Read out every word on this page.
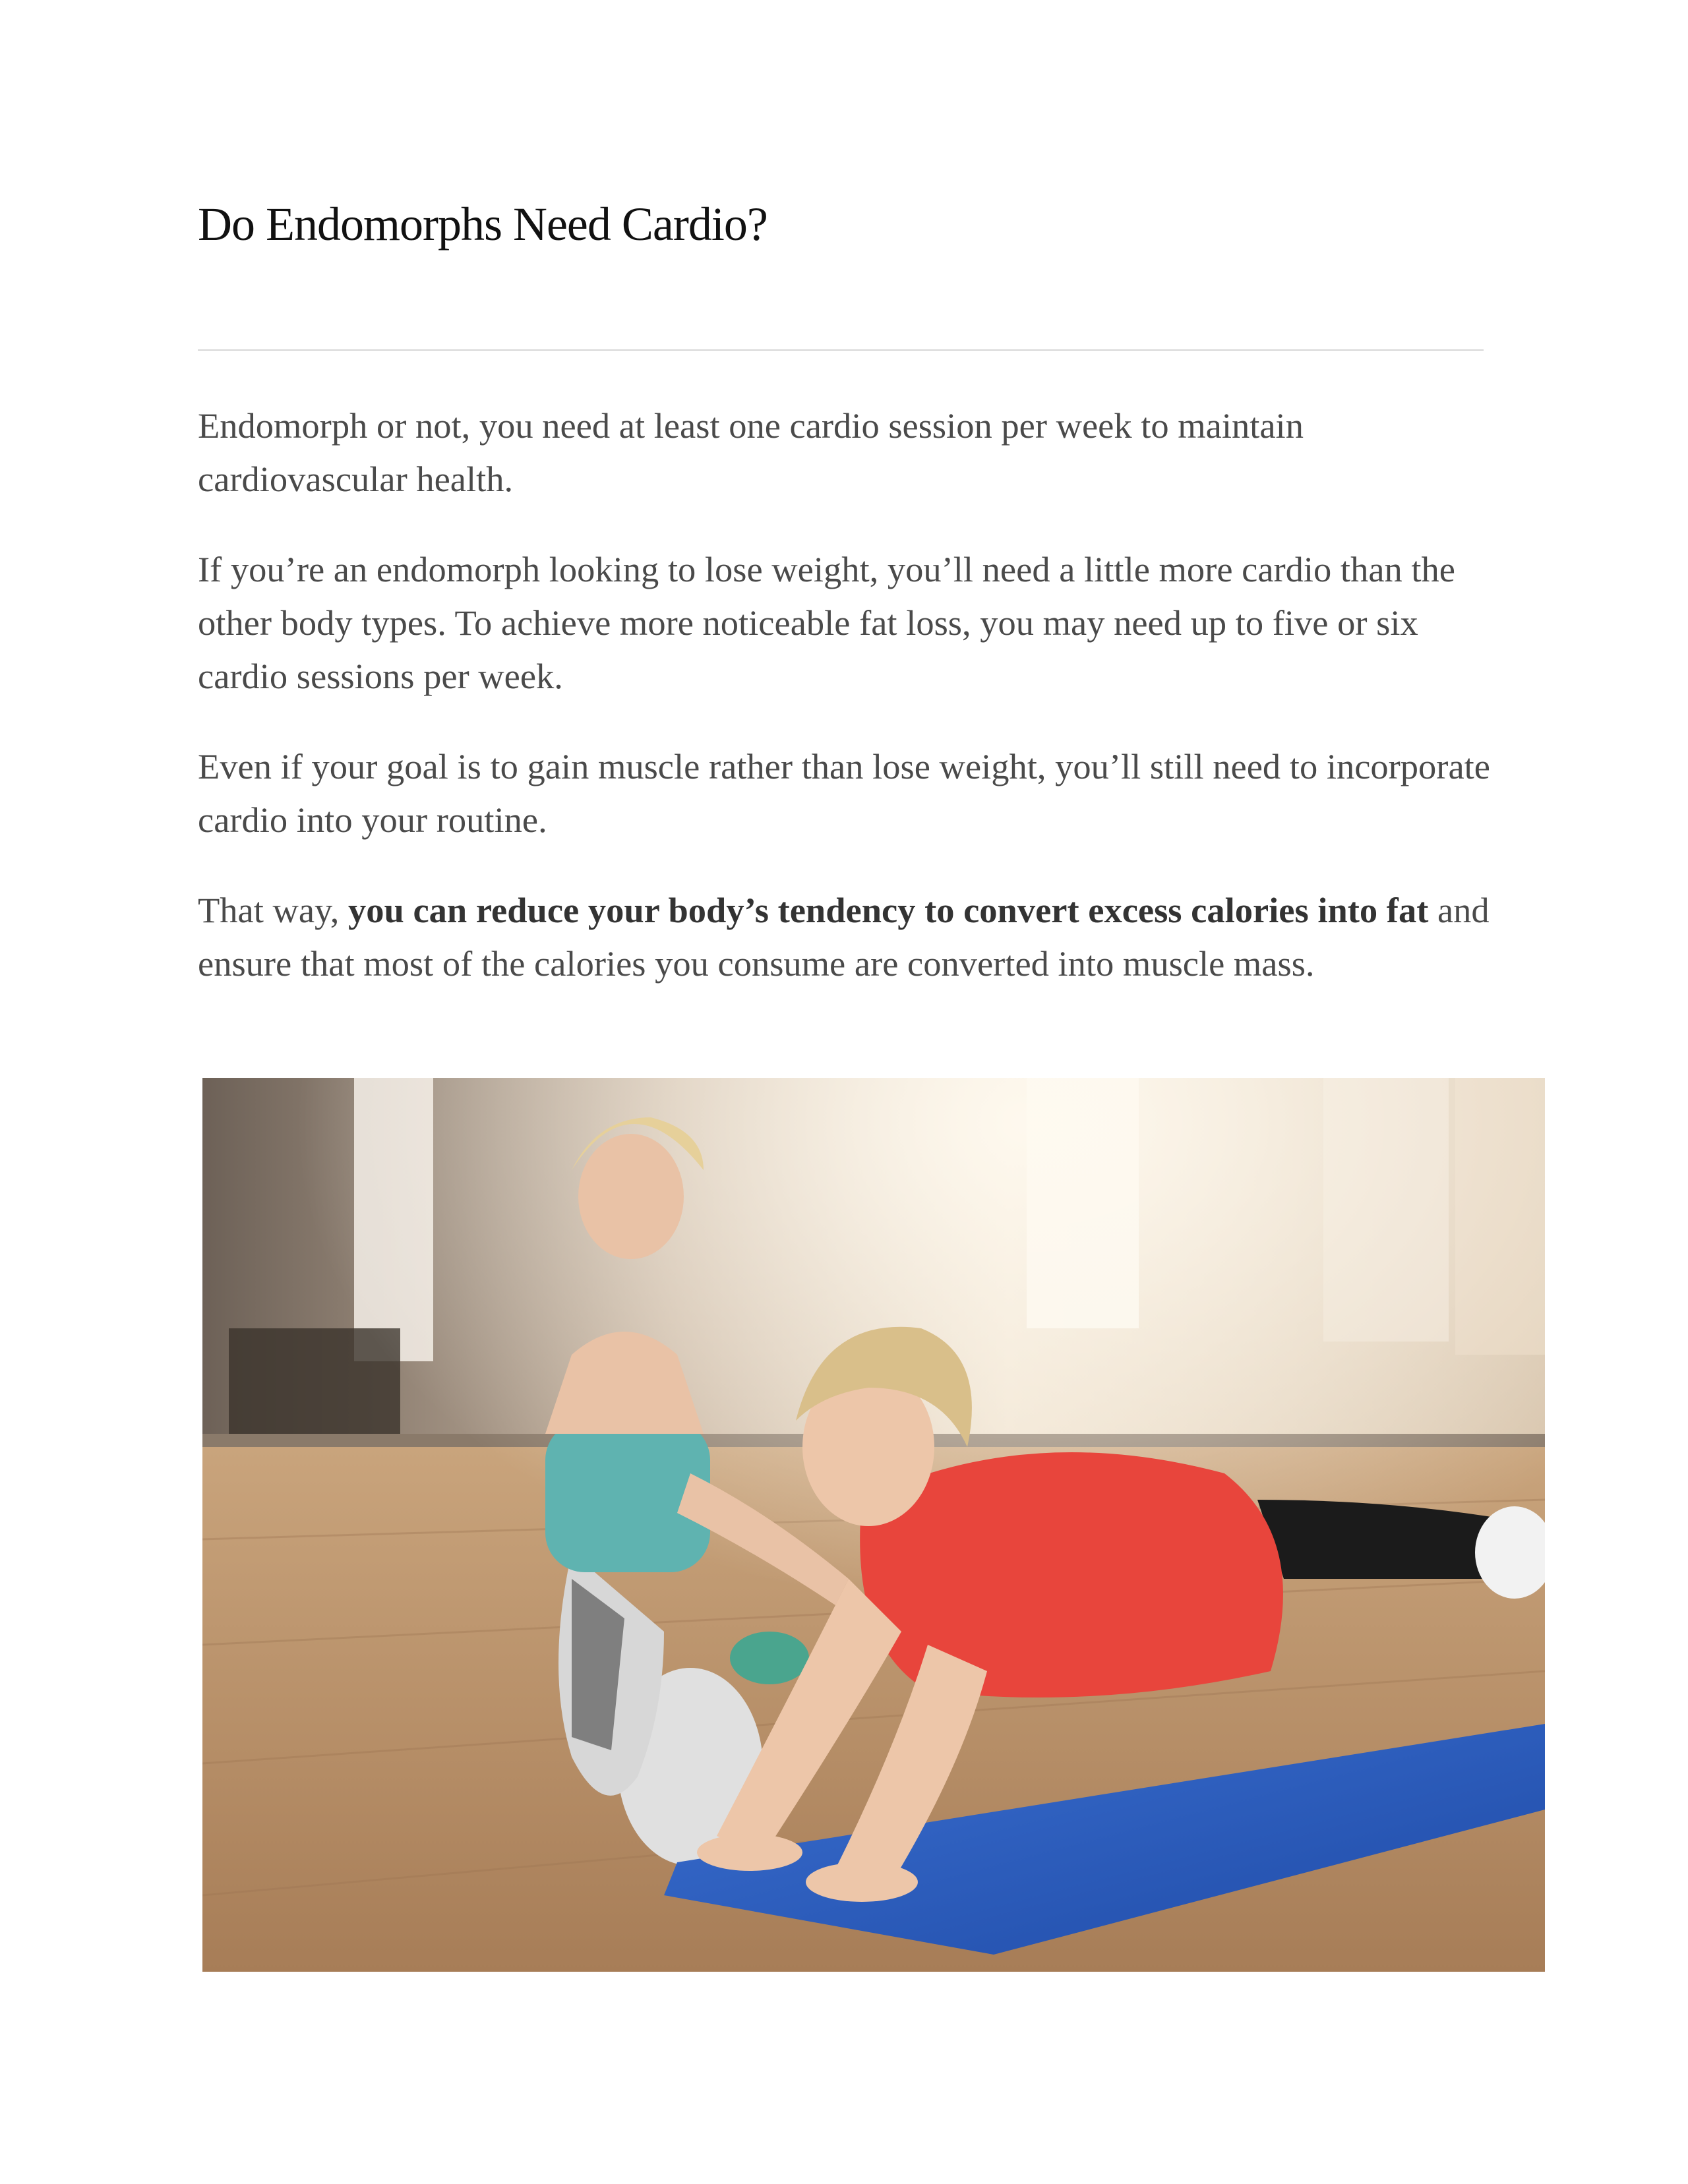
Do Endomorphs Need Cardio?

Endomorph or not, you need at least one cardio session per week to maintain cardiovascular health.

If you’re an endomorph looking to lose weight, you’ll need a little more cardio than the other body types. To achieve more noticeable fat loss, you may need up to five or six cardio sessions per week.

Even if your goal is to gain muscle rather than lose weight, you’ll still need to incorporate cardio into your routine.

That way, you can reduce your body’s tendency to convert excess calories into fat and ensure that most of the calories you consume are converted into muscle mass.
